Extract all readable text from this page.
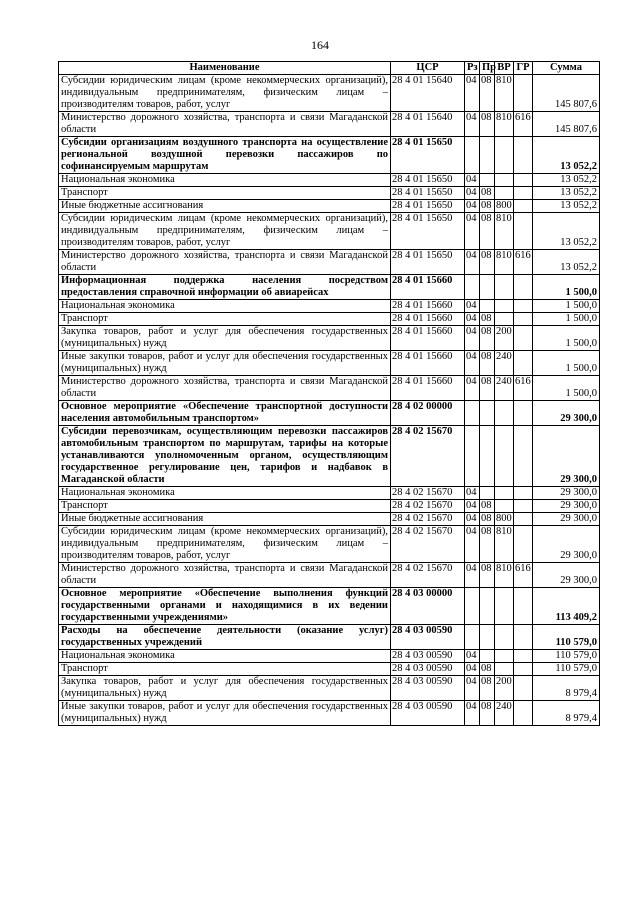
164
Наименование	ЦСР	Рз	Пр	ВР	ГР	Сумма
Субсидии юридическим лицам (кроме некоммерческих организаций), индивидуальным предпринимателям, физическим лицам – производителям товаров, работ, услуг	28 4 01 15640	04	08	810		145 807,6
Министерство дорожного хозяйства, транспорта и связи Магаданской области	28 4 01 15640	04	08	810	616	145 807,6
Субсидии организациям воздушного транспорта на осуществление региональной воздушной перевозки пассажиров по софинансируемым маршрутам	28 4 01 15650					13 052,2
Национальная экономика	28 4 01 15650	04				13 052,2
Транспорт	28 4 01 15650	04	08			13 052,2
Иные бюджетные ассигнования	28 4 01 15650	04	08	800		13 052,2
Субсидии юридическим лицам (кроме некоммерческих организаций), индивидуальным предпринимателям, физическим лицам – производителям товаров, работ, услуг	28 4 01 15650	04	08	810		13 052,2
Министерство дорожного хозяйства, транспорта и связи Магаданской области	28 4 01 15650	04	08	810	616	13 052,2
Информационная поддержка населения посредством предоставления справочной информации об авиарейсах	28 4 01 15660					1 500,0
Национальная экономика	28 4 01 15660	04				1 500,0
Транспорт	28 4 01 15660	04	08			1 500,0
Закупка товаров, работ и услуг для обеспечения государственных (муниципальных) нужд	28 4 01 15660	04	08	200		1 500,0
Иные закупки товаров, работ и услуг для обеспечения государственных (муниципальных) нужд	28 4 01 15660	04	08	240		1 500,0
Министерство дорожного хозяйства, транспорта и связи Магаданской области	28 4 01 15660	04	08	240	616	1 500,0
Основное мероприятие «Обеспечение транспортной доступности населения автомобильным транспортом»	28 4 02 00000					29 300,0
Субсидии перевозчикам, осуществляющим перевозки пассажиров автомобильным транспортом по маршрутам, тарифы на которые устанавливаются уполномоченным органом, осуществляющим государственное регулирование цен, тарифов и надбавок в Магаданской области	28 4 02 15670					29 300,0
Национальная экономика	28 4 02 15670	04				29 300,0
Транспорт	28 4 02 15670	04	08			29 300,0
Иные бюджетные ассигнования	28 4 02 15670	04	08	800		29 300,0
Субсидии юридическим лицам (кроме некоммерческих организаций), индивидуальным предпринимателям, физическим лицам – производителям товаров, работ, услуг	28 4 02 15670	04	08	810		29 300,0
Министерство дорожного хозяйства, транспорта и связи Магаданской области	28 4 02 15670	04	08	810	616	29 300,0
Основное мероприятие «Обеспечение выполнения функций государственными органами и находящимися в их ведении государственными учреждениями»	28 4 03 00000					113 409,2
Расходы на обеспечение деятельности (оказание услуг) государственных учреждений	28 4 03 00590					110 579,0
Национальная экономика	28 4 03 00590	04				110 579,0
Транспорт	28 4 03 00590	04	08			110 579,0
Закупка товаров, работ и услуг для обеспечения государственных (муниципальных) нужд	28 4 03 00590	04	08	200		8 979,4
Иные закупки товаров, работ и услуг для обеспечения государственных (муниципальных) нужд	28 4 03 00590	04	08	240		8 979,4
